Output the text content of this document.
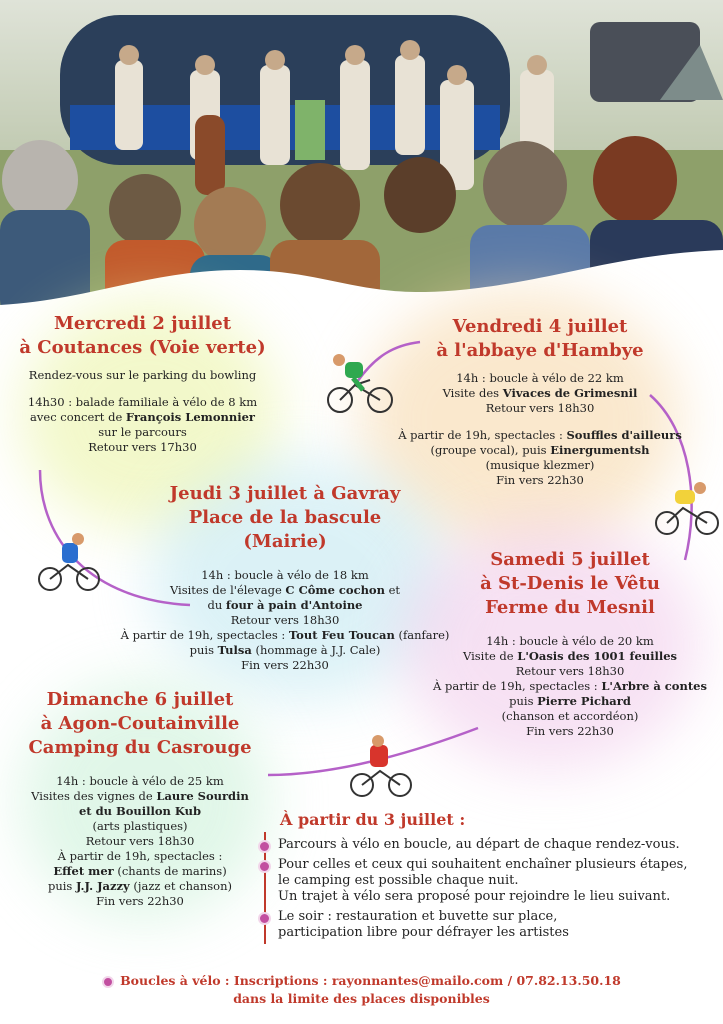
Mercredi 2 juillet
à Coutances (Voie verte)
Rendez-vous sur le parking du bowling
14h30 : balade familiale à vélo de 8 km
avec concert de François Lemonnier
sur le parcours
Retour vers 17h30
Vendredi 4 juillet
à l'abbaye d'Hambye
14h : boucle à vélo de 22 km
Visite des Vivaces de Grimesnil
Retour vers 18h30
À partir de 19h, spectacles : Souffles d'ailleurs
(groupe vocal), puis Einergumentsh
(musique klezmer)
Fin vers 22h30
Jeudi 3 juillet à Gavray
Place de la bascule
(Mairie)
14h : boucle à vélo de 18 km
Visites de l'élevage C Côme cochon et
du four à pain d'Antoine
Retour vers 18h30
À partir de 19h, spectacles : Tout Feu Toucan (fanfare)
puis Tulsa (hommage à J.J. Cale)
Fin vers 22h30
Samedi 5 juillet
à St-Denis le Vêtu
Ferme du Mesnil
14h : boucle à vélo de 20 km
Visite de L'Oasis des 1001 feuilles
Retour vers 18h30
À partir de 19h, spectacles : L'Arbre à contes
puis Pierre Pichard
(chanson et accordéon)
Fin vers 22h30
Dimanche 6 juillet
à Agon-Coutainville
Camping du Casrouge
14h : boucle à vélo de 25 km
Visites des vignes de Laure Sourdin
et du Bouillon Kub
(arts plastiques)
Retour vers 18h30
À partir de 19h, spectacles :
Effet mer (chants de marins)
puis J.J. Jazzy (jazz et chanson)
Fin vers 22h30
À partir du 3 juillet :
Parcours à vélo en boucle, au départ de chaque rendez-vous.
Pour celles et ceux qui souhaitent enchaîner plusieurs étapes,
le camping est possible chaque nuit.
Un trajet à vélo sera proposé pour rejoindre le lieu suivant.
Le soir : restauration et buvette sur place,
participation libre pour défrayer les artistes
Boucles à vélo : Inscriptions : rayonnantes@mailo.com / 07.82.13.50.18
dans la limite des places disponibles
